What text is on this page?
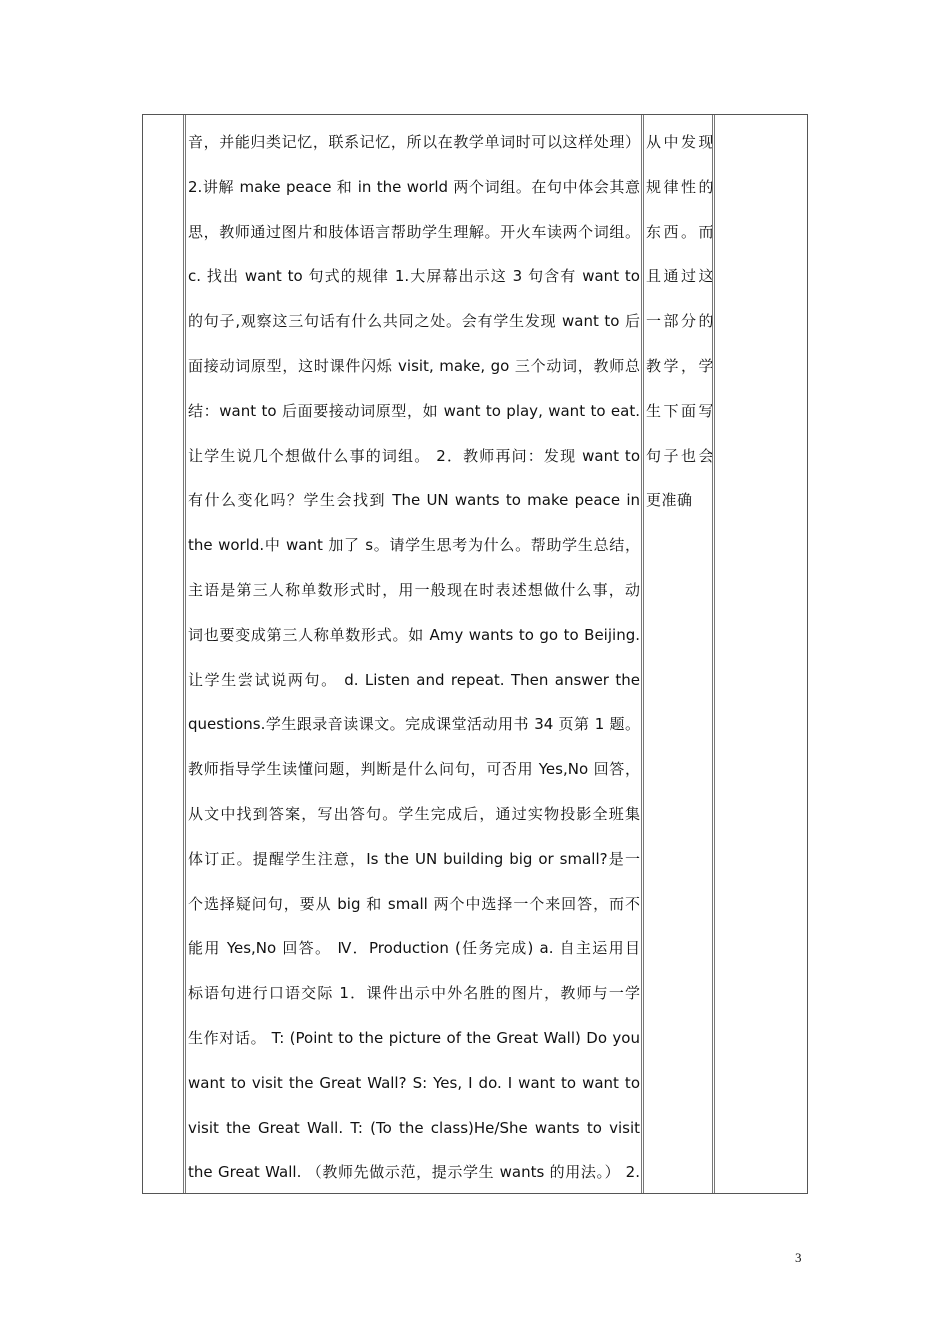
音，并能归类记忆，联系记忆，所以在教学单词时可以这样处理）
2.讲解 make peace 和 in the world 两个词组。在句中体会其意
思，教师通过图片和肢体语言帮助学生理解。开火车读两个词组。
c. 找出 want to 句式的规律 1.大屏幕出示这 3 句含有 want to
的句子,观察这三句话有什么共同之处。会有学生发现 want to 后
面接动词原型，这时课件闪烁 visit, make, go 三个动词，教师总
结：want to 后面要接动词原型，如 want to play, want to eat.
让学生说几个想做什么事的词组。 2．教师再问：发现 want to
有什么变化吗？学生会找到 The UN wants to make peace in
the world.中 want 加了 s。请学生思考为什么。帮助学生总结，
主语是第三人称单数形式时，用一般现在时表述想做什么事，动
词也要变成第三人称单数形式。如 Amy wants to go to Beijing.
让学生尝试说两句。 d. Listen and repeat. Then answer the
questions.学生跟录音读课文。完成课堂活动用书 34 页第 1 题。
教师指导学生读懂问题，判断是什么问句，可否用 Yes,No 回答，
从文中找到答案，写出答句。学生完成后，通过实物投影全班集
体订正。提醒学生注意，Is the UN building big or small?是一
个选择疑问句，要从 big 和 small 两个中选择一个来回答，而不
能用 Yes,No 回答。 Ⅳ．Production (任务完成) a. 自主运用目
标语句进行口语交际 1．课件出示中外名胜的图片，教师与一学
生作对话。 T: (Point to the picture of the Great Wall) Do you
want to visit the Great Wall? S: Yes, I do. I want to want to
visit the Great Wall. T: (To the class)He/She wants to visit
the Great Wall. （教师先做示范，提示学生 wants 的用法。） 2.
从中发现
规律性的
东西。而
且通过这
一部分的
教学，学
生下面写
句子也会
更准确
3
